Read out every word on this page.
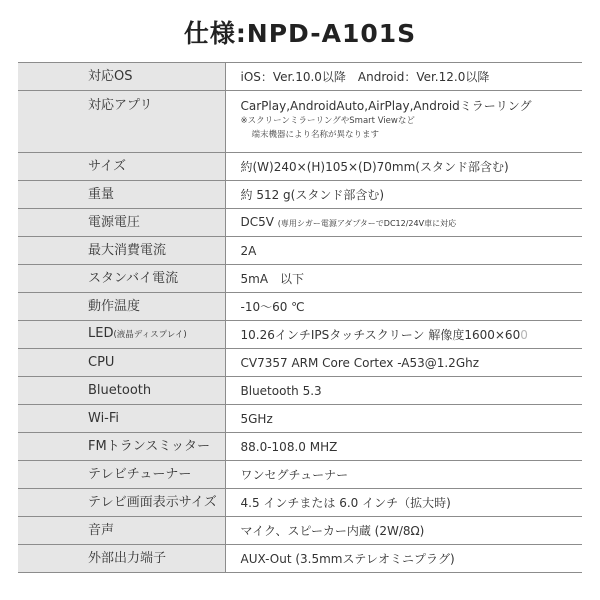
仕様:NPD-A101S
対応OS	iOS：Ver.10.0以降　Android：Ver.12.0以降
対応アプリ	CarPlay,AndroidAuto,AirPlay,Androidミラーリング
※スクリーンミラーリングやSmart Viewなど
端末機器により名称が異なります

サイズ	約(W)240×(H)105×(D)70mm(スタンド部含む)
重量	約 512 g(スタンド部含む)
電源電圧	DC5V (専用シガー電源アダプターでDC12/24V車に対応
最大消費電流	2A
スタンバイ電流	5mA　以下
動作温度	-10～60 ℃
LED(液晶ディスプレイ)	10.26インチIPSタッチスクリーン 解像度1600×600
CPU	CV7357 ARM Core Cortex -A53@1.2Ghz
Bluetooth	Bluetooth 5.3
Wi-Fi	5GHz
FMトランスミッター	88.0-108.0 MHZ
テレビチューナー	ワンセグチューナー
テレビ画面表示サイズ	4.5 インチまたは 6.0 インチ（拡大時)
音声	マイク、スピーカー内蔵 (2W/8Ω)
外部出力端子	AUX-Out (3.5mmステレオミニプラグ)
